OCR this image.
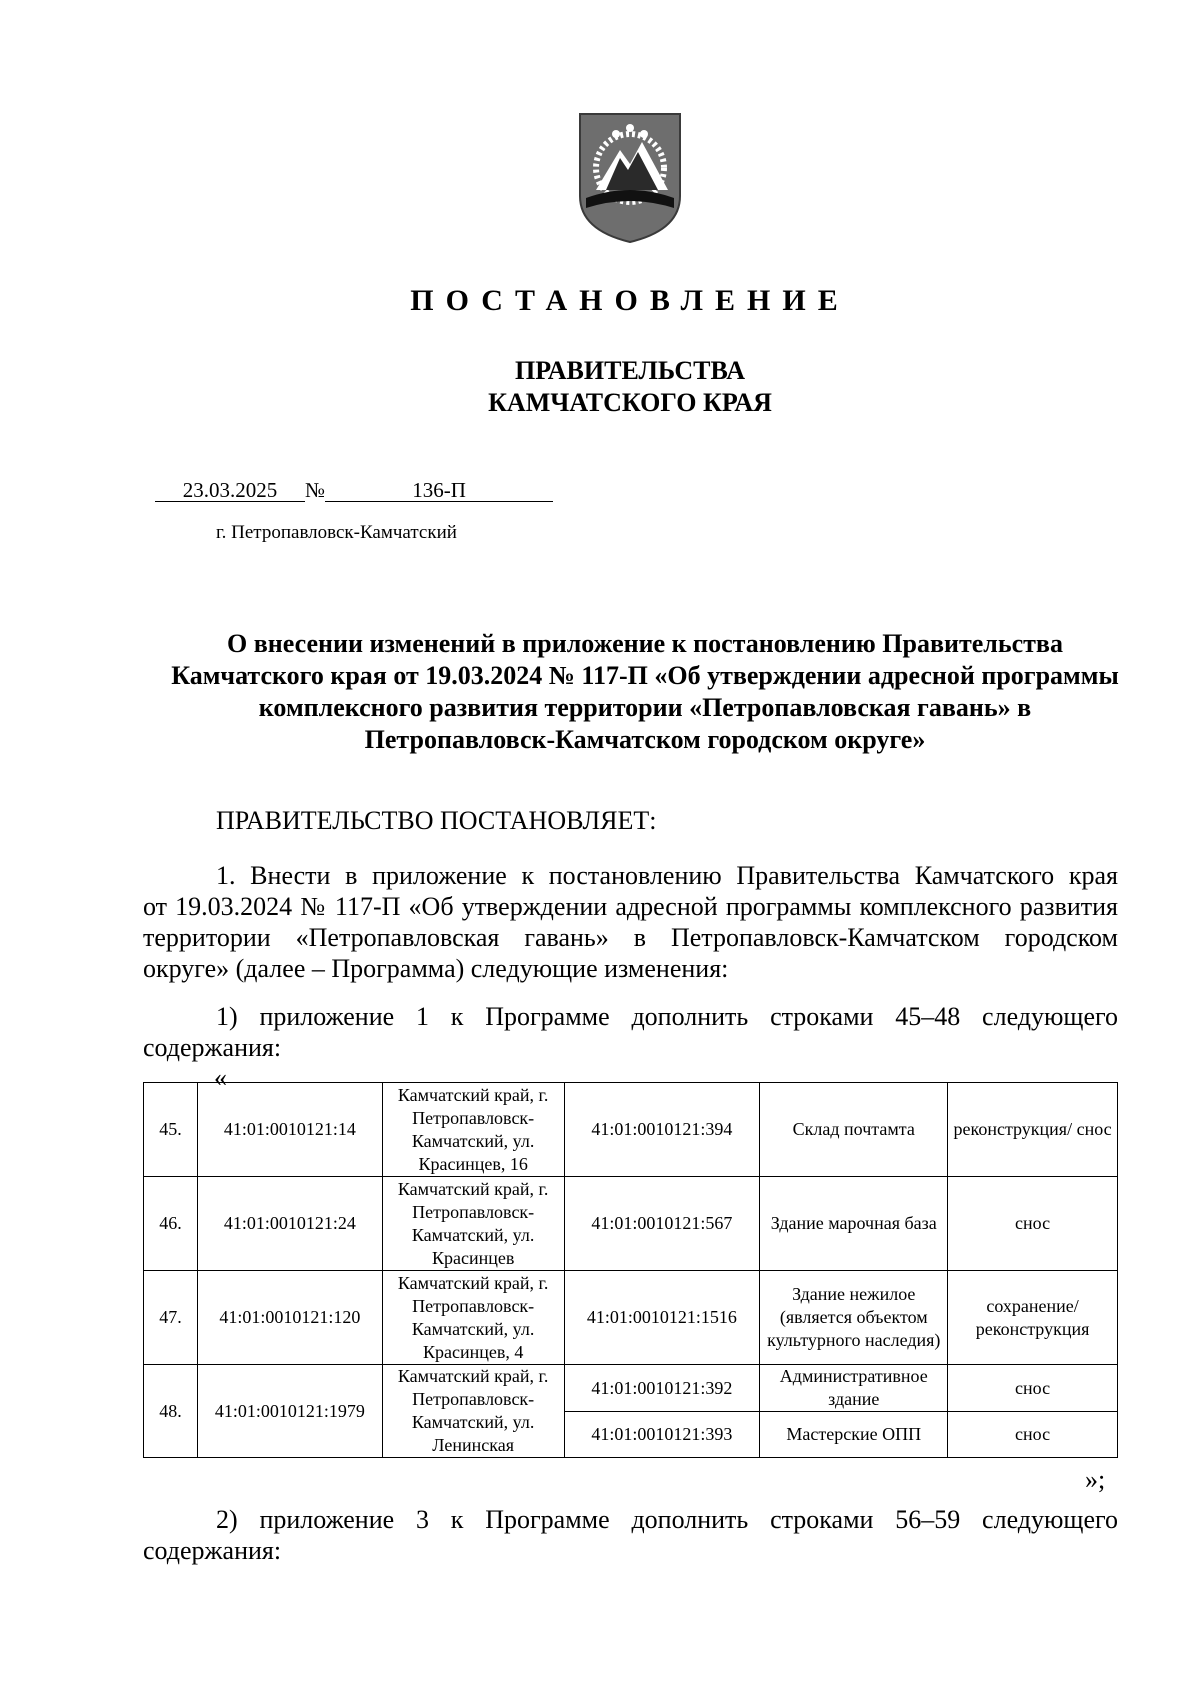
ПОСТАНОВЛЕНИЕ
ПРАВИТЕЛЬСТВА
КАМЧАТСКОГО КРАЯ
23.03.2025 №	136-П
г. Петропавловск-Камчатский
О внесении изменений в приложение к постановлению Правительства Камчатского края от 19.03.2024 № 117-П «Об утверждении адресной программы комплексного развития территории «Петропавловская гавань» в Петропавловск-Камчатском городском округе»
ПРАВИТЕЛЬСТВО ПОСТАНОВЛЯЕТ:
1. Внести в приложение к постановлению Правительства Камчатского края
от 19.03.2024 № 117-П «Об утверждении адресной программы комплексного развития территории «Петропавловская гавань» в Петропавловск-Камчатском городском округе» (далее – Программа) следующие изменения:
1) приложение 1 к Программе дополнить строками 45–48 следующего
содержания:
«
45.	41:01:0010121:14	Камчатский край, г. Петропавловск-Камчатский, ул. Красинцев, 16	41:01:0010121:394	Склад почтамта	реконструкция/ снос
46.	41:01:0010121:24	Камчатский край, г. Петропавловск-Камчатский, ул. Красинцев	41:01:0010121:567	Здание марочная база	снос
47.	41:01:0010121:120	Камчатский край, г. Петропавловск-Камчатский, ул. Красинцев, 4	41:01:0010121:1516	Здание нежилое (является объектом культурного наследия)	сохранение/реконструкция
48.	41:01:0010121:1979	Камчатский край, г. Петропавловск-Камчатский, ул. Ленинская	41:01:0010121:392	Административное здание	снос
			41:01:0010121:393	Мастерские ОПП	снос
»;
2) приложение 3 к Программе дополнить строками 56–59 следующего
содержания:
